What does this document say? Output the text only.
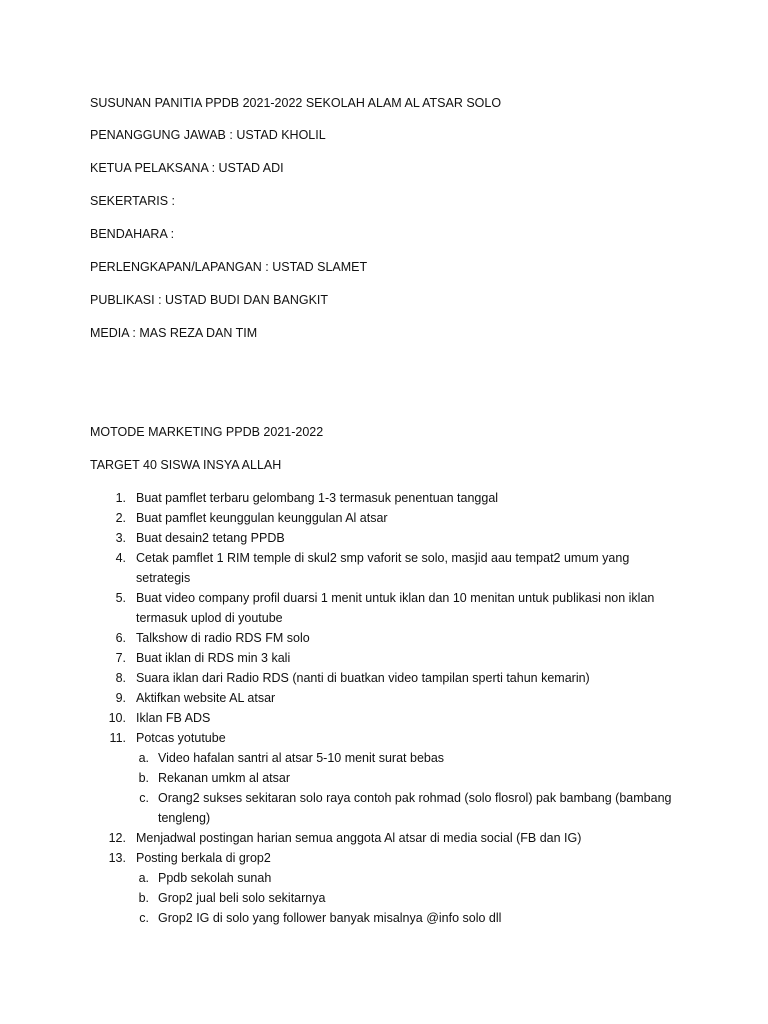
SUSUNAN PANITIA PPDB 2021-2022 SEKOLAH ALAM AL ATSAR SOLO
PENANGGUNG JAWAB : USTAD KHOLIL
KETUA PELAKSANA : USTAD ADI
SEKERTARIS :
BENDAHARA :
PERLENGKAPAN/LAPANGAN : USTAD SLAMET
PUBLIKASI : USTAD BUDI DAN BANGKIT
MEDIA : MAS REZA DAN TIM
MOTODE MARKETING PPDB 2021-2022
TARGET 40 SISWA INSYA ALLAH
1. Buat pamflet terbaru gelombang 1-3 termasuk penentuan tanggal
2. Buat pamflet keunggulan keunggulan Al atsar
3. Buat desain2 tetang PPDB
4. Cetak pamflet 1 RIM temple di skul2 smp vaforit se solo, masjid aau tempat2 umum yang
setrategis
5. Buat video company profil duarsi 1 menit untuk iklan dan 10 menitan untuk publikasi non iklan
termasuk uplod di youtube
6. Talkshow di radio RDS FM solo
7. Buat iklan di RDS min 3 kali
8. Suara iklan dari Radio RDS (nanti di buatkan video tampilan sperti tahun kemarin)
9. Aktifkan website AL atsar
10. Iklan FB ADS
11. Potcas yotutube
a. Video hafalan santri al atsar 5-10 menit surat bebas
b. Rekanan umkm al atsar
c. Orang2 sukses sekitaran solo raya contoh pak rohmad (solo flosrol) pak bambang (bambang
tengleng)
12. Menjadwal postingan harian semua anggota Al atsar di media social (FB dan IG)
13. Posting berkala di grop2
a. Ppdb sekolah sunah
b. Grop2 jual beli solo sekitarnya
c. Grop2 IG di solo yang follower banyak misalnya @info solo dll
